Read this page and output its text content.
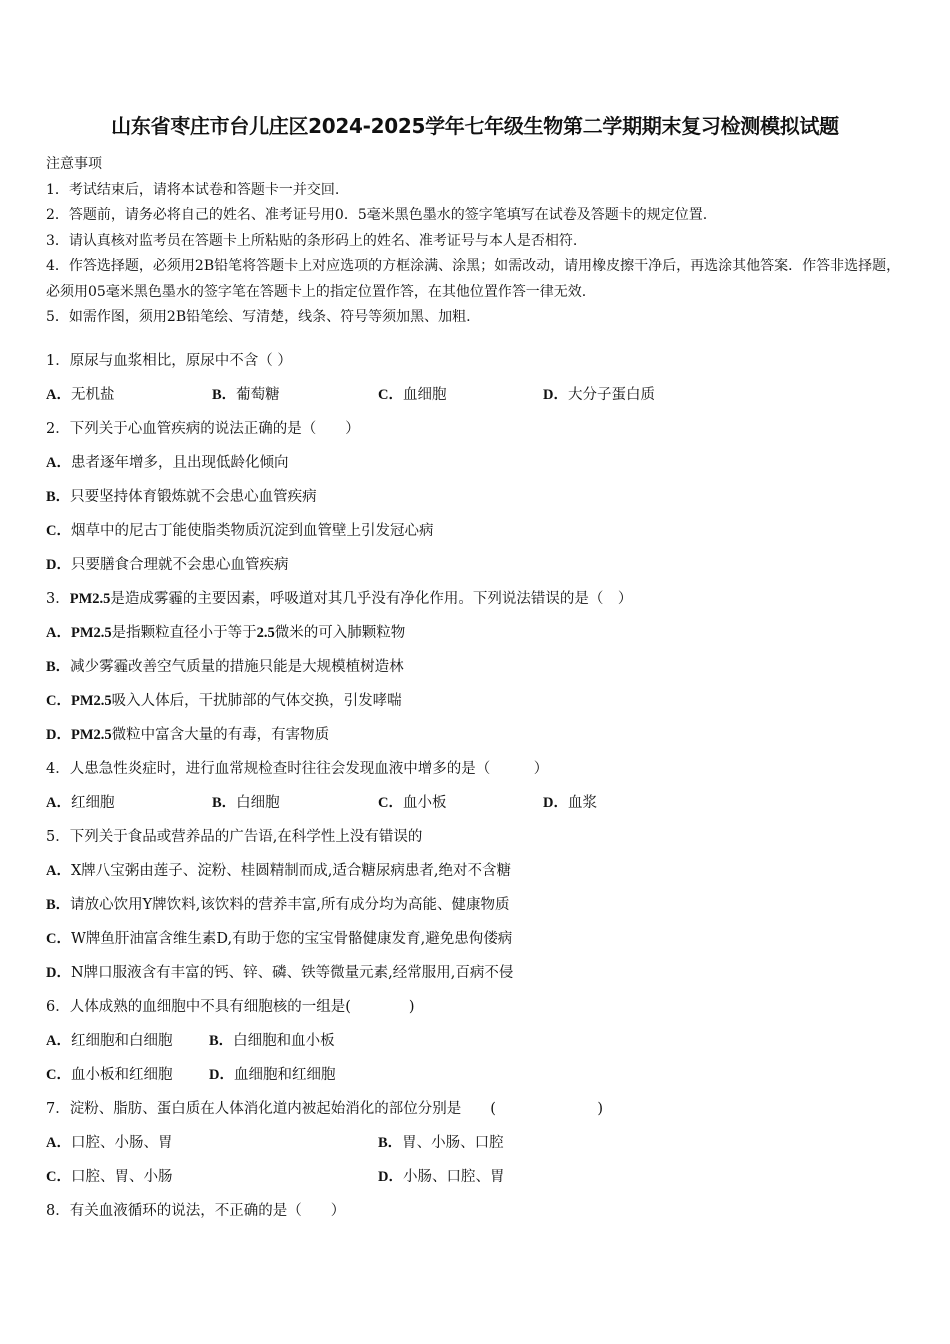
山东省枣庄市台儿庄区2024-2025学年七年级生物第二学期期末复习检测模拟试题
注意事项
1．考试结束后，请将本试卷和答题卡一并交回.
2．答题前，请务必将自己的姓名、准考证号用0．5毫米黑色墨水的签字笔填写在试卷及答题卡的规定位置.
3．请认真核对监考员在答题卡上所粘贴的条形码上的姓名、准考证号与本人是否相符.
4．作答选择题，必须用2B铅笔将答题卡上对应选项的方框涂满、涂黑；如需改动，请用橡皮擦干净后，再选涂其他答案．作答非选择题，必须用05毫米黑色墨水的签字笔在答题卡上的指定位置作答，在其他位置作答一律无效.
5．如需作图，须用2B铅笔绘、写清楚，线条、符号等须加黑、加粗.
1．原尿与血浆相比，原尿中不含（ ）
A．无机盐	B．葡萄糖	C．血细胞	D．大分子蛋白质
2．下列关于心血管疾病的说法正确的是（　　）
A．患者逐年增多，且出现低龄化倾向
B．只要坚持体育锻炼就不会患心血管疾病
C．烟草中的尼古丁能使脂类物质沉淀到血管壁上引发冠心病
D．只要膳食合理就不会患心血管疾病
3．PM2.5是造成雾霾的主要因素，呼吸道对其几乎没有净化作用。下列说法错误的是（　）
A．PM2.5是指颗粒直径小于等于2.5微米的可入肺颗粒物
B．减少雾霾改善空气质量的措施只能是大规模植树造林
C．PM2.5吸入人体后，干扰肺部的气体交换，引发哮喘
D．PM2.5微粒中富含大量的有毒，有害物质
4．人患急性炎症时，进行血常规检查时往往会发现血液中增多的是（　　　）
A．红细胞	B．白细胞	C．血小板	D．血浆
5．下列关于食品或营养品的广告语,在科学性上没有错误的
A．X牌八宝粥由莲子、淀粉、桂圆精制而成,适合糖尿病患者,绝对不含糖
B．请放心饮用Y牌饮料,该饮料的营养丰富,所有成分均为高能、健康物质
C．W牌鱼肝油富含维生素D,有助于您的宝宝骨骼健康发育,避免患佝偻病
D．N牌口服液含有丰富的钙、锌、磷、铁等微量元素,经常服用,百病不侵
6．人体成熟的血细胞中不具有细胞核的一组是(　　　　)
A．红细胞和白细胞	B．白细胞和血小板
C．血小板和红细胞	D．血细胞和红细胞
7．淀粉、脂肪、蛋白质在人体消化道内被起始消化的部位分别是　　(　　　　　　　)
A．口腔、小肠、胃	B．胃、小肠、口腔
C．口腔、胃、小肠	D．小肠、口腔、胃
8．有关血液循环的说法，不正确的是（　　）
